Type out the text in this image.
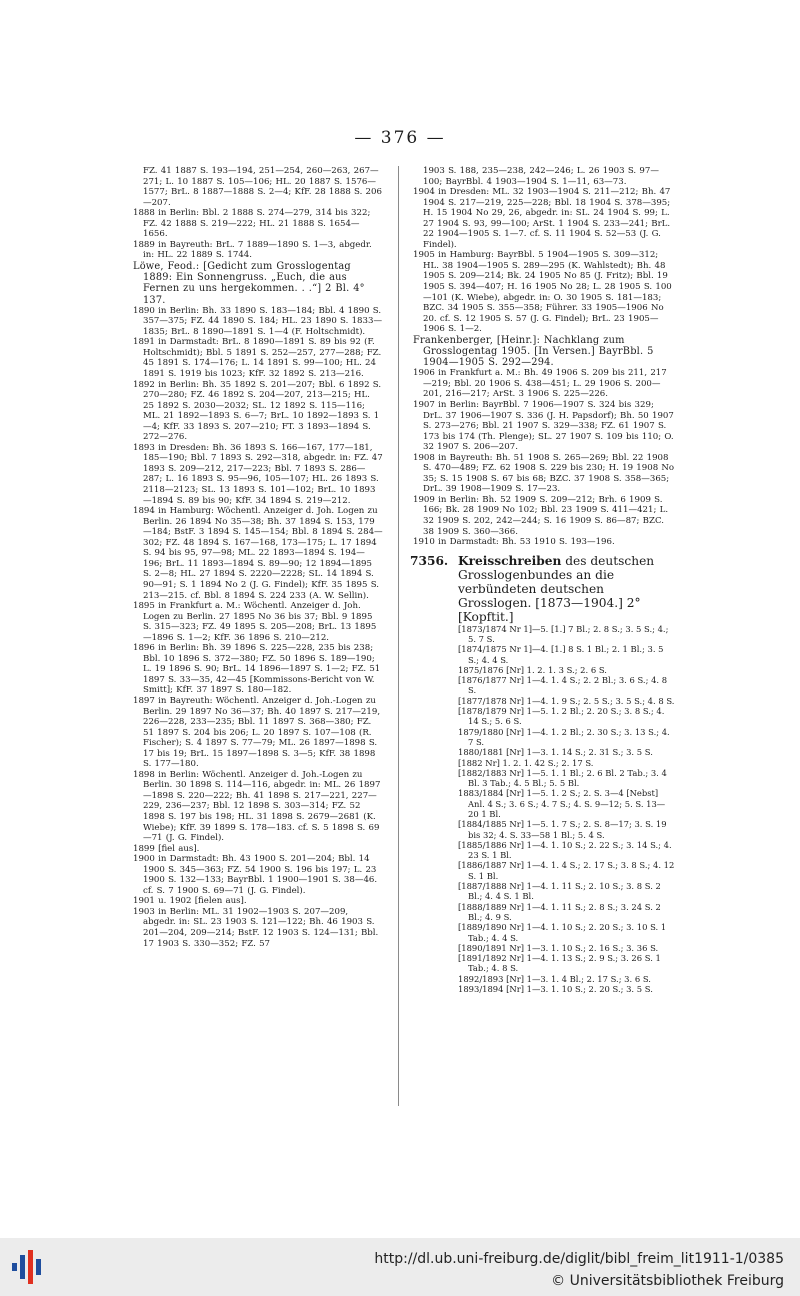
— 376 —

FZ. 41 1887 S. 193—194, 251—254, 260—263, 267—271; L. 10 1887 S. 105—106; HL. 20 1887 S. 1576—1577; BrL. 8 1887—1888 S. 2—4; KfF. 28 1888 S. 206—207.

1888 in Berlin: Bbl. 2 1888 S. 274—279, 314 bis 322; FZ. 42 1888 S. 219—222; HL. 21 1888 S. 1654—1656.

1889 in Bayreuth: BrL. 7 1889—1890 S. 1—3, abgedr. in: HL. 22 1889 S. 1744.

Löwe, Feod.: [Gedicht zum Grosslogentag 1889: Ein Sonnengruss. „Euch, die aus Fernen zu uns hergekommen. . .“] 2 Bl. 4° 137.

1890 in Berlin: Bh. 33 1890 S. 183—184; Bbl. 4 1890 S. 357—375; FZ. 44 1890 S. 184; HL. 23 1890 S. 1833—1835; BrL. 8 1890—1891 S. 1—4 (F. Holtschmidt).

1891 in Darmstadt: BrL. 8 1890—1891 S. 89 bis 92 (F. Holtschmidt); Bbl. 5 1891 S. 252—257, 277—288; FZ. 45 1891 S. 174—176; L. 14 1891 S. 99—100; HL. 24 1891 S. 1919 bis 1023; KfF. 32 1892 S. 213—216.

1892 in Berlin: Bh. 35 1892 S. 201—207; Bbl. 6 1892 S. 270—280; FZ. 46 1892 S. 204—207, 213—215; HL. 25 1892 S. 2030—2032; SL. 12 1892 S. 115—116; ML. 21 1892—1893 S. 6—7; BrL. 10 1892—1893 S. 1—4; KfF. 33 1893 S. 207—210; FT. 3 1893—1894 S. 272—276.

1893 in Dresden: Bh. 36 1893 S. 166—167, 177—181, 185—190; Bbl. 7 1893 S. 292—318, abgedr. in: FZ. 47 1893 S. 209—212, 217—223; Bbl. 7 1893 S. 286—287; L. 16 1893 S. 95—96, 105—107; HL. 26 1893 S. 2118—2123; SL. 13 1893 S. 101—102; BrL. 10 1893—1894 S. 89 bis 90; KfF. 34 1894 S. 219—212.

1894 in Hamburg: Wöchentl. Anzeiger d. Joh. Logen zu Berlin. 26 1894 No 35—38; Bh. 37 1894 S. 153, 179—184; BstF. 3 1894 S. 145—154; Bbl. 8 1894 S. 284—302; FZ. 48 1894 S. 167—168, 173—175; L. 17 1894 S. 94 bis 95, 97—98; ML. 22 1893—1894 S. 194—196; BrL. 11 1893—1894 S. 89—90; 12 1894—1895 S. 2—8; HL. 27 1894 S. 2220—2228; SL. 14 1894 S. 90—91; S. 1 1894 No 2 (J. G. Findel); KfF. 35 1895 S. 213—215. cf. Bbl. 8 1894 S. 224 233 (A. W. Sellin).

1895 in Frankfurt a. M.: Wöchentl. Anzeiger d. Joh. Logen zu Berlin. 27 1895 No 36 bis 37; Bbl. 9 1895 S. 315—323; FZ. 49 1895 S. 205—208; BrL. 13 1895—1896 S. 1—2; KfF. 36 1896 S. 210—212.

1896 in Berlin: Bh. 39 1896 S. 225—228, 235 bis 238; Bbl. 10 1896 S. 372—380; FZ. 50 1896 S. 189—190; L. 19 1896 S. 90; BrL. 14 1896—1897 S. 1—2; FZ. 51 1897 S. 33—35, 42—45 [Kommissons-Bericht von W. Smitt]; KfF. 37 1897 S. 180—182.

1897 in Bayreuth: Wöchentl. Anzeiger d. Joh.-Logen zu Berlin. 29 1897 No 36—37; Bh. 40 1897 S. 217—219, 226—228, 233—235; Bbl. 11 1897 S. 368—380; FZ. 51 1897 S. 204 bis 206; L. 20 1897 S. 107—108 (R. Fischer); S. 4 1897 S. 77—79; ML. 26 1897—1898 S. 17 bis 19; BrL. 15 1897—1898 S. 3—5; KfF. 38 1898 S. 177—180.

1898 in Berlin: Wöchentl. Anzeiger d. Joh.-Logen zu Berlin. 30 1898 S. 114—116, abgedr. in: ML. 26 1897—1898 S. 220—222; Bh. 41 1898 S. 217—221, 227—229, 236—237; Bbl. 12 1898 S. 303—314; FZ. 52 1898 S. 197 bis 198; HL. 31 1898 S. 2679—2681 (K. Wiebe); KfF. 39 1899 S. 178—183. cf. S. 5 1898 S. 69—71 (J. G. Findel).

1899 [fiel aus].

1900 in Darmstadt: Bh. 43 1900 S. 201—204; Bbl. 14 1900 S. 345—363; FZ. 54 1900 S. 196 bis 197; L. 23 1900 S. 132—133; BayrBbl. 1 1900—1901 S. 38—46. cf. S. 7 1900 S. 69—71 (J. G. Findel).

1901 u. 1902 [fielen aus].

1903 in Berlin: ML. 31 1902—1903 S. 207—209, abgedr. in: SL. 23 1903 S. 121—122; Bh. 46 1903 S. 201—204, 209—214; BstF. 12 1903 S. 124—131; Bbl. 17 1903 S. 330—352; FZ. 57

1903 S. 188, 235—238, 242—246; L. 26 1903 S. 97—100; BayrBbl. 4 1903—1904 S. 1—11, 63—73.

1904 in Dresden: ML. 32 1903—1904 S. 211—212; Bh. 47 1904 S. 217—219, 225—228; Bbl. 18 1904 S. 378—395; H. 15 1904 No 29, 26, abgedr. in: SL. 24 1904 S. 99; L. 27 1904 S. 93, 99—100; ArSt. 1 1904 S. 233—241; BrL. 22 1904—1905 S. 1—7. cf. S. 11 1904 S. 52—53 (J. G. Findel).

1905 in Hamburg: BayrBbl. 5 1904—1905 S. 309—312; HL. 38 1904—1905 S. 289—295 (K. Wahlstedt); Bh. 48 1905 S. 209—214; Bk. 24 1905 No 85 (J. Fritz); Bbl. 19 1905 S. 394—407; H. 16 1905 No 28; L. 28 1905 S. 100—101 (K. Wiebe), abgedr. in: O. 30 1905 S. 181—183; BZC. 34 1905 S. 355—358; Führer. 33 1905—1906 No 20. cf. S. 12 1905 S. 57 (J. G. Findel); BrL. 23 1905—1906 S. 1—2.

Frankenberger, [Heinr.]: Nachklang zum Grosslogentag 1905. [In Versen.] BayrBbl. 5 1904—1905 S. 292—294.

1906 in Frankfurt a. M.: Bh. 49 1906 S. 209 bis 211, 217—219; Bbl. 20 1906 S. 438—451; L. 29 1906 S. 200—201, 216—217; ArSt. 3 1906 S. 225—226.

1907 in Berlin: BayrBbl. 7 1906—1907 S. 324 bis 329; DrL. 37 1906—1907 S. 336 (J. H. Papsdorf); Bh. 50 1907 S. 273—276; Bbl. 21 1907 S. 329—338; FZ. 61 1907 S. 173 bis 174 (Th. Plenge); SL. 27 1907 S. 109 bis 110; O. 32 1907 S. 206—207.

1908 in Bayreuth: Bh. 51 1908 S. 265—269; Bbl. 22 1908 S. 470—489; FZ. 62 1908 S. 229 bis 230; H. 19 1908 No 35; S. 15 1908 S. 67 bis 68; BZC. 37 1908 S. 358—365; DrL. 39 1908—1909 S. 17—23.

1909 in Berlin: Bh. 52 1909 S. 209—212; Brh. 6 1909 S. 166; Bk. 28 1909 No 102; Bbl. 23 1909 S. 411—421; L. 32 1909 S. 202, 242—244; S. 16 1909 S. 86—87; BZC. 38 1909 S. 360—366.

1910 in Darmstadt: Bh. 53 1910 S. 193—196.

7356. Kreisschreiben des deutschen Grosslogenbundes an die verbündeten deutschen Grosslogen. [1873—1904.] 2° [Kopftit.]

[1873/1874 Nr 1]—5. [1.] 7 Bl.; 2. 8 S.; 3. 5 S.; 4.; 5. 7 S.

[1874/1875 Nr 1]—4. [1.] 8 S. 1 Bl.; 2. 1 Bl.; 3. 5 S.; 4. 4 S.

1875/1876 [Nr] 1. 2. 1. 3 S.; 2. 6 S.

[1876/1877 Nr] 1—4. 1. 4 S.; 2. 2 Bl.; 3. 6 S.; 4. 8 S.

[1877/1878 Nr] 1—4. 1. 9 S.; 2. 5 S.; 3. 5 S.; 4. 8 S.

[1878/1879 Nr] 1—5. 1. 2 Bl.; 2. 20 S.; 3. 8 S.; 4. 14 S.; 5. 6 S.

1879/1880 [Nr] 1—4. 1. 2 Bl.; 2. 30 S.; 3. 13 S.; 4. 7 S.

1880/1881 [Nr] 1—3. 1. 14 S.; 2. 31 S.; 3. 5 S.

[1882 Nr] 1. 2. 1. 42 S.; 2. 17 S.

[1882/1883 Nr] 1—5. 1. 1 Bl.; 2. 6 Bl. 2 Tab.; 3. 4 Bl. 3 Tab.; 4. 5 Bl.; 5. 5 Bl.

1883/1884 [Nr] 1—5. 1. 2 S.; 2. S. 3—4 [Nebst] Anl. 4 S.; 3. 6 S.; 4. 7 S.; 4. S. 9—12; 5. S. 13—20 1 Bl.

[1884/1885 Nr] 1—5. 1. 7 S.; 2. S. 8—17; 3. S. 19 bis 32; 4. S. 33—58 1 Bl.; 5. 4 S.

[1885/1886 Nr] 1—4. 1. 10 S.; 2. 22 S.; 3. 14 S.; 4. 23 S. 1 Bl.

[1886/1887 Nr] 1—4. 1. 4 S.; 2. 17 S.; 3. 8 S.; 4. 12 S. 1 Bl.

[1887/1888 Nr] 1—4. 1. 11 S.; 2. 10 S.; 3. 8 S. 2 Bl.; 4. 4 S. 1 Bl.

[1888/1889 Nr] 1—4. 1. 11 S.; 2. 8 S.; 3. 24 S. 2 Bl.; 4. 9 S.

[1889/1890 Nr] 1—4. 1. 10 S.; 2. 20 S.; 3. 10 S. 1 Tab.; 4. 4 S.

[1890/1891 Nr] 1—3. 1. 10 S.; 2. 16 S.; 3. 36 S.

[1891/1892 Nr] 1—4. 1. 13 S.; 2. 9 S.; 3. 26 S. 1 Tab.; 4. 8 S.

1892/1893 [Nr] 1—3. 1. 4 Bl.; 2. 17 S.; 3. 6 S.

1893/1894 [Nr] 1—3. 1. 10 S.; 2. 20 S.; 3. 5 S.

http://dl.ub.uni-freiburg.de/diglit/bibl_freim_lit1911-1/0385
© Universitätsbibliothek Freiburg
